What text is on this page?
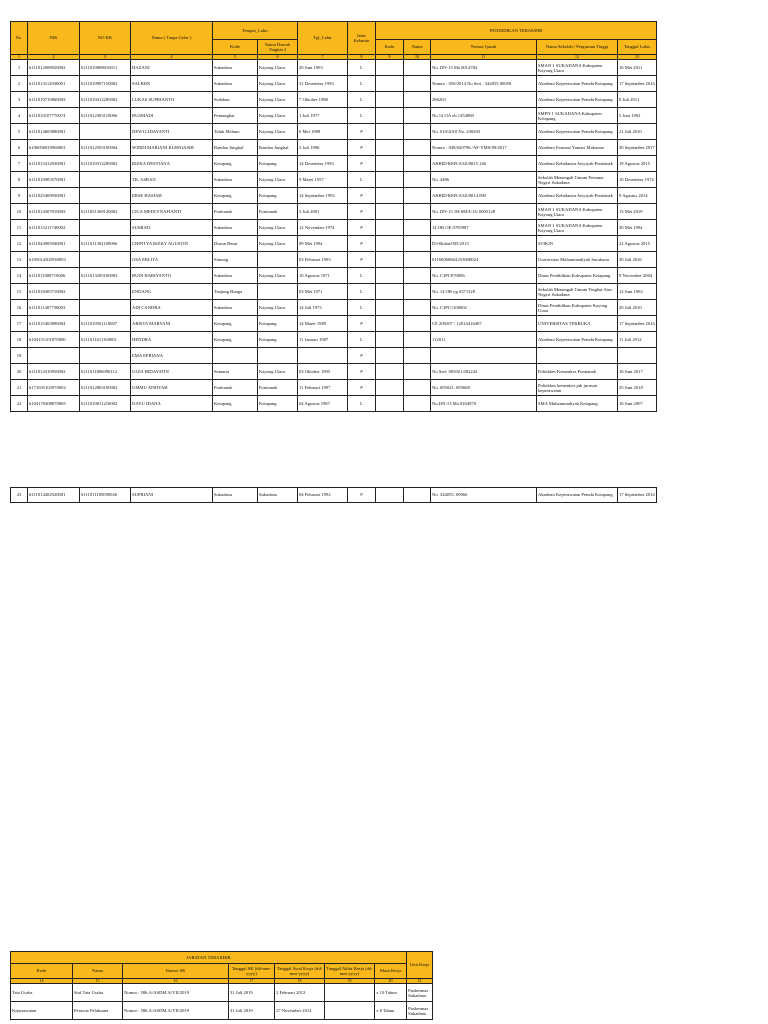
No.	NIK	NO KK	Nama ( Tanpa Gelar )	Tempat_Lahir		Tgl_Lahir	Jenis Kelamin	PENDIDIKAN TERAKHIR				
				Kode	Nama Daerah Tingkat 2			Kode	Nama	Nomor Ijazah	Nama Sekolah / Perguruan Tinggi	Tanggal Lulus
1	2	3	4	5	6	7	8	9	10	11	12	13
1	6111012008920002	6111010808010011	HAZANI	Sukadana	Kayong Utara	20 Juni 1993	L			No. DN-13 Ma 0014784	SMAN 1 SUKADANA Kabupaten Kayong Utara	16 Mei 2011
2	6111013112930001	6111010907150002	SALBIIN	Sukadana	Kayong Utara	31 Desember 1993	L			Numor : 050/2014 No Seri : 344055 00058	Akademi Keperawatan Pemda Ketapang	17 September 2014
3	6111010710860003	6111010412200002	LUKAS SUPRIANTO	Sedahan	Kayong Utara	7 Oktober 1988	L			286203	Akademi Keperawatan Pemda Ketapang	8 Juli 2011
4	6111010107770074	6111012303110006	RUSMADI	Pemangkat	Kayong Utara	1 Juli 1977	L			No.14 OA ob 1454869	SMPN 1 SUKADANA Kabupaten Ketapang	5 Juni 1992
5	6111014603880001		DEWI LIDAYANTI	Teluk Melano	Kayong Utara	6 Mei 1988	P			No. 010/2010 No. 238293	Akademi Keperawatan Pemda Ketapang	21 Juli 2010
6	6106056819960001	6111012503190004	WINDI MARIANI KURNIASIH	Randau Jungkal	Randau Jungkal	2 Juli 1996	P			Nomor : 049/020796 /AF-YMS/09/2017	Akademi Farmasi Yamasi Makassar	30 September 2017
7	6111015412930001	6111010312200002	RIZKA DESTIANA	Ketapang	Ketapang	14 Desember 1993	P			AKBID/KEB-A/IZ/0815.146	Akademi Kebidanan Aisyiyah Pontianak	19 Agustus 2015
8	6111010903570001		TK. ASRAN	Sukadana	Kayong Utara	9 Maret 1957	L			No. 4486	Sekolah Menengah Umum Pertama Negeri Sukadana	10 Desember 1974
9	6111025409930001		ERSE HASIAH	Ketapang	Ketapang	14 September 1993	P			AKBID/KEB-A/IZ/0814.090	Akademi Kebidanan Aisyiyah Pontianak	9 Agustus 2014
10	6111014307010003	6111051308120002	CICA MEDLYNAFIANTI	Pontianak	Pontianak	3 Juli 2001	P			No. DN-13 /M-SMA/13/ 0005128	SMAN 1 SUKADANA Kabupaten Kayong Utara	13 Mei 2019
11	6111015211740002		SUMIATI	Sukadana	Kayong Utara	12 November 1974	P			14 OB OE 0793987	SMAN 1 SUKADANA Kabupaten Kayong Utara	30 Mei 1994
12	6111044905940001	6111011302100006	CHINTYA RIZKY AGUSTIN	Dusun Besar	Kayong Utara	09 Mei 1994	P			D3-Bidan/005/2015	STIKIN	22 Agustus 2015
13	6105014302930003		OSA ERLITA	Sintang		03 Februari 1993	P			01160060664,I53000024	Universitas Muhammadiyah Surakarta	30 Juli 2016
14	6111011008710006	6111013205100003	BUDI HARIYANTO	Sukadana	Kayong Utara	10 Agustus 1971	L			No. C3PC070006	Dinas Pendidikan Kabupaten Ketapang	9 November 2004
15	6111018305710002		ENDANG	Tanjung Bunga		03 Mei 1971	L			No. 14 OB og 0371328	Sekolah Menengah Umum Tingkat Atas Negeri Sukadana	12 Juni 1992
16	6111011407730003		ADI CANDRA	Sukadana	Kayong Utara	14 Juli 1973	L			No. C3PC1100002	Dinas Pendidikan Kabupaten Kayong Utara	20 Juli 2010
17	6111015403890004	6111010501110007	ARISTA MARYANI	Ketapang	Ketapang	14 Maret 1989	P			CE 209207 / 12014416407	UNIVERSITAS TERBUKA	17 September 2014
18	6104151101870000	6111011611160001	HENDRA	Ketapang	Ketapang	11 Januari 1987	L			112011	Akademi Keperawatan Pemda Ketapang	11 Juli 2012
19			EMA EPRIANA				P					
20	6111014310950002	6111011806090112	ULFA HIDAYATIN	Semarai	Kayong Utara	03 Oktober 1995	P			No Seri: 005021.002242	Poltekkes Kemenkes Pontianak	16 Juni 2017
21	6171035102970002	6111012803190002	UMMU ATHIYAH	Pontianak	Pontianak	11 Februari 1997	P			No. 005021. 005668	Poltekkes kemenkes ptk jurusan keperawatan	25 Juni 2018
22	6104170408870005	6111010811210002	DAYU IDANA	Ketapang	Ketapang	04 Agustus 1987	L			No.DN-13 Ma 0164970	SMA Muhammadiyah Ketapang	16 Juni 2007
23	6111014402920001	6111011185090026	SUPRIANI	Sukadana	Sukadana	04 Februari 1992	P			No. 344055. 00066	Akademi Keperawatan Pemda Ketapang	17 September 2014
JABATAN TERAKHIR							Unit Kerja
Kode	Nama	Nomor SK	Tanggal SK (dd-mm-yyyy)	Tanggal Awal Kerja (dd-mm-yyyy)	Tanggal Akhir Kerja (dd-mm-yyyy)	Masa Kerja	
14	15	16	17	18	19	20	21
Tata Usaha	Staf Tata Usaha	Nomor : 586.A/ASDM.A/VII/2019	31 Juli 2019	2 Februari 2012		± 10 Tahun	Puskesmas Sukadana
Keperawatan	Perawat Pelaksana	Nomor : 586.A/ASDM.A/VII/2019	31 Juli 2019	27 November 2014		± 8 Tahun	Puskesmas Sukadana
